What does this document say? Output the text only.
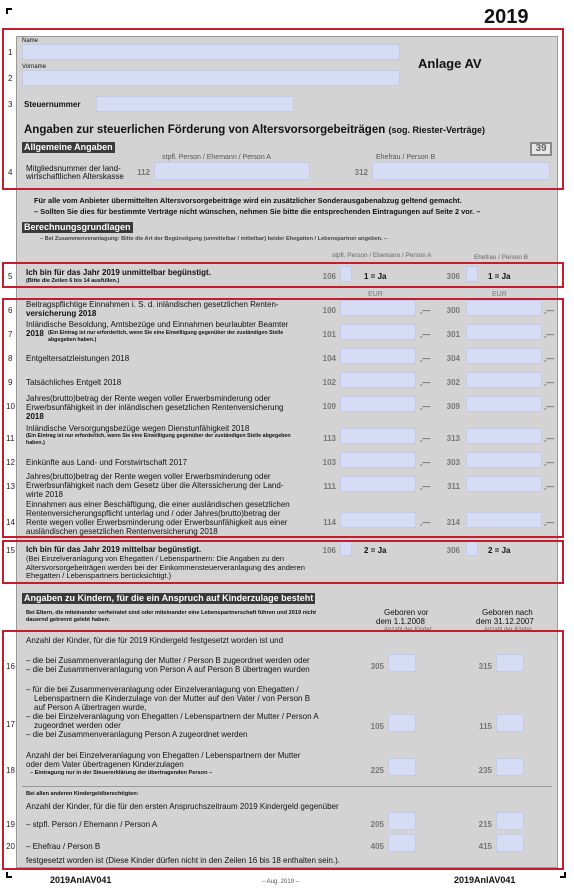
2019
1
Name
2
Vorname	Anlage AV
3	Steuernummer
Angaben zur steuerlichen Förderung von Altersvorsorgebeiträgen (sog. Riester-Verträge)
39
Allgemeine Angaben
stpfl. Person / Ehemann / Person A	Ehefrau / Person B
4	Mitgliedsnummer der land-
wirtschaftlichen Alterskasse	112	312
Für alle vom Anbieter übermittelten Altersvorsorgebeiträge wird ein zusätzlicher Sonderausgabenabzug geltend gemacht.
– Sollten Sie dies für bestimmte Verträge nicht wünschen, nehmen Sie bitte die entsprechenden Eintragungen auf Seite 2 vor. –
Berechnungsgrundlagen
– Bei Zusammenveranlagung: Bitte die Art der Begünstigung (unmittelbar / mittelbar) beider Ehegatten / Lebenspartner angeben. –
stpfl. Person / Ehemann / Person A	Ehefrau / Person B
5	Ich bin für das Jahr 2019 unmittelbar begünstigt.
(Bitte die Zeilen 6 bis 14 ausfüllen.)	106	1 = Ja	306	1 = Ja
EUR	EUR
6
Beitragspflichtige Einnahmen i. S. d. inländischen gesetzlichen Renten-
versicherung 2018	100	,—	300	,—
7
Inländische Besoldung, Amtsbezüge und Einnahmen beurlaubter Beamter
2018 (Ein Eintrag ist nur erforderlich, wenn Sie eine Einwilligung gegenüber der zuständigen Stelle abgegeben haben.)
101	,—	301	,—
8	Entgeltersatzleistungen 2018	104	,—	304	,—
9	Tatsächliches Entgelt 2018	102	,—	302	,—
10
Jahres(brutto)betrag der Rente wegen voller Erwerbsminderung oder
Erwerbsunfähigkeit in der inländischen gesetzlichen Rentenversicherung
2018
109	,—	309	,—
11
Inländische Versorgungsbezüge wegen Dienstunfähigkeit 2018
(Ein Eintrag ist nur erforderlich, wenn Sie eine Einwilligung gegenüber der zuständigen Stelle abgegeben haben.)	113	,—	313	,—
12 Einkünfte aus Land- und Forstwirtschaft 2017	103	,—	303	,—
13
Jahres(brutto)betrag der Rente wegen voller Erwerbsminderung oder
Erwerbsunfähigkeit nach dem Gesetz über die Alterssicherung der Land-
wirte 2018
111	,—	311	,—
14
Einnahmen aus einer Beschäftigung, die einer ausländischen gesetzlichen
Rentenversicherungspflicht unterlag und / oder Jahres(brutto)betrag der
Rente wegen voller Erwerbsminderung oder Erwerbsunfähigkeit aus einer
ausländischen gesetzlichen Rentenversicherung 2018
114	,—	314	,—
15 Ich bin für das Jahr 2019 mittelbar begünstigt.
(Bei Einzelveranlagung von Ehegatten / Lebenspartnern: Die Angaben zu den Altersvorsorgebeiträgen werden bei der Einkommensteuerveranlagung des anderen Ehegatten / Lebenspartners berücksichtigt.)
106	2 = Ja	306	2 = Ja
Angaben zu Kindern, für die ein Anspruch auf Kinderzulage besteht
Bei Eltern, die miteinander verheiratet sind oder miteinander eine Lebenspartnerschaft führen und 2019 nicht dauernd getrennt gelebt haben:
Geboren vor
dem 1.1.2008
Anzahl der Kinder
Geboren nach
dem 31.12.2007
Anzahl der Kinder
Anzahl der Kinder, für die für 2019 Kindergeld festgesetzt worden ist und
16
– die bei Zusammenveranlagung der Mutter / Person B zugeordnet werden oder
– die bei Zusammenveranlagung von Person A auf Person B übertragen wurden	305	315
17
– für die bei Zusammenveranlagung oder Einzelveranlagung von Ehegatten /
Lebenspartnern die Kinderzulage von der Mutter auf den Vater / von Person B
auf Person A übertragen wurde,
– die bei Einzelveranlagung von Ehegatten / Lebenspartnern der Mutter / Person A
zugeordnet werden oder
– die bei Zusammenveranlagung Person A zugeordnet werden
105	115
18
Anzahl der bei Einzelveranlagung von Ehegatten / Lebenspartnern der Mutter
oder dem Vater übertragenen Kinderzulagen
– Eintragung nur in der Steuererklärung der übertragenden Person –	225	235
Bei allen anderen Kindergeldberechtigten:
Anzahl der Kinder, für die für den ersten Anspruchszeitraum 2019 Kindergeld gegenüber
19 – stpfl. Person / Ehemann / Person A	205	215
20 – Ehefrau / Person B	405	415
festgesetzt worden ist (Diese Kinder dürfen nicht in den Zeilen 16 bis 18 enthalten sein.).
2019AnlAV041	– Aug. 2019 –	2019AnlAV041
